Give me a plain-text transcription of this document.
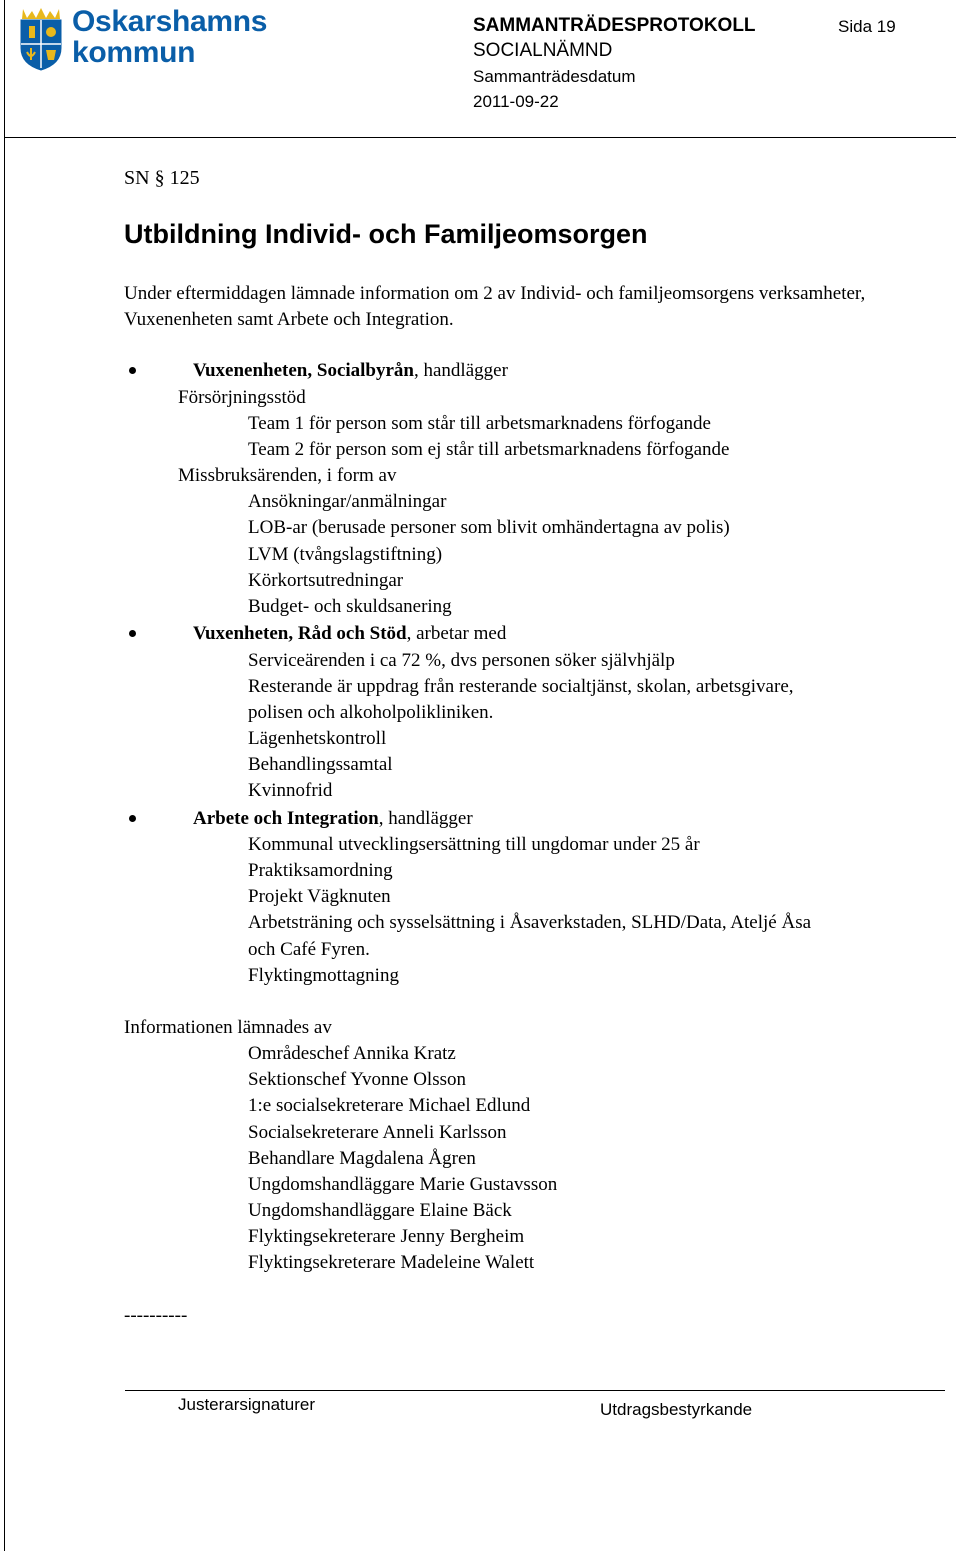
Oskarshamns
kommun
SAMMANTRÄDESPROTOKOLL	Sida 19
SOCIALNÄMND
Sammanträdesdatum
2011-09-22
SN § 125
Utbildning Individ- och Familjeomsorgen
Under eftermiddagen lämnade information om 2 av Individ- och familjeomsorgens verksamheter, Vuxenenheten samt Arbete och Integration.
Vuxenenheten, Socialbyrån, handlägger
Försörjningsstöd
Team 1 för person som står till arbetsmarknadens förfogande
Team 2 för person som ej står till arbetsmarknadens förfogande
Missbruksärenden, i form av
Ansökningar/anmälningar
LOB-ar (berusade personer som blivit omhändertagna av polis)
LVM (tvångslagstiftning)
Körkortsutredningar
Budget- och skuldsanering
Vuxenheten, Råd och Stöd, arbetar med
Serviceärenden i ca 72 %, dvs personen söker självhjälp
Resterande är uppdrag från resterande socialtjänst, skolan, arbetsgivare,
polisen och alkoholpolikliniken.
Lägenhetskontroll
Behandlingssamtal
Kvinnofrid
Arbete och Integration, handlägger
Kommunal utvecklingsersättning till ungdomar under 25 år
Praktiksamordning
Projekt Vägknuten
Arbetsträning och sysselsättning i Åsaverkstaden, SLHD/Data, Ateljé Åsa
och Café Fyren.
Flyktingmottagning
Informationen lämnades av
Områdeschef Annika Kratz
Sektionschef Yvonne Olsson
1:e socialsekreterare Michael Edlund
Socialsekreterare Anneli Karlsson
Behandlare Magdalena Ågren
Ungdomshandläggare Marie Gustavsson
Ungdomshandläggare Elaine Bäck
Flyktingsekreterare Jenny Bergheim
Flyktingsekreterare Madeleine Walett
----------
Justerarsignaturer	Utdragsbestyrkande
